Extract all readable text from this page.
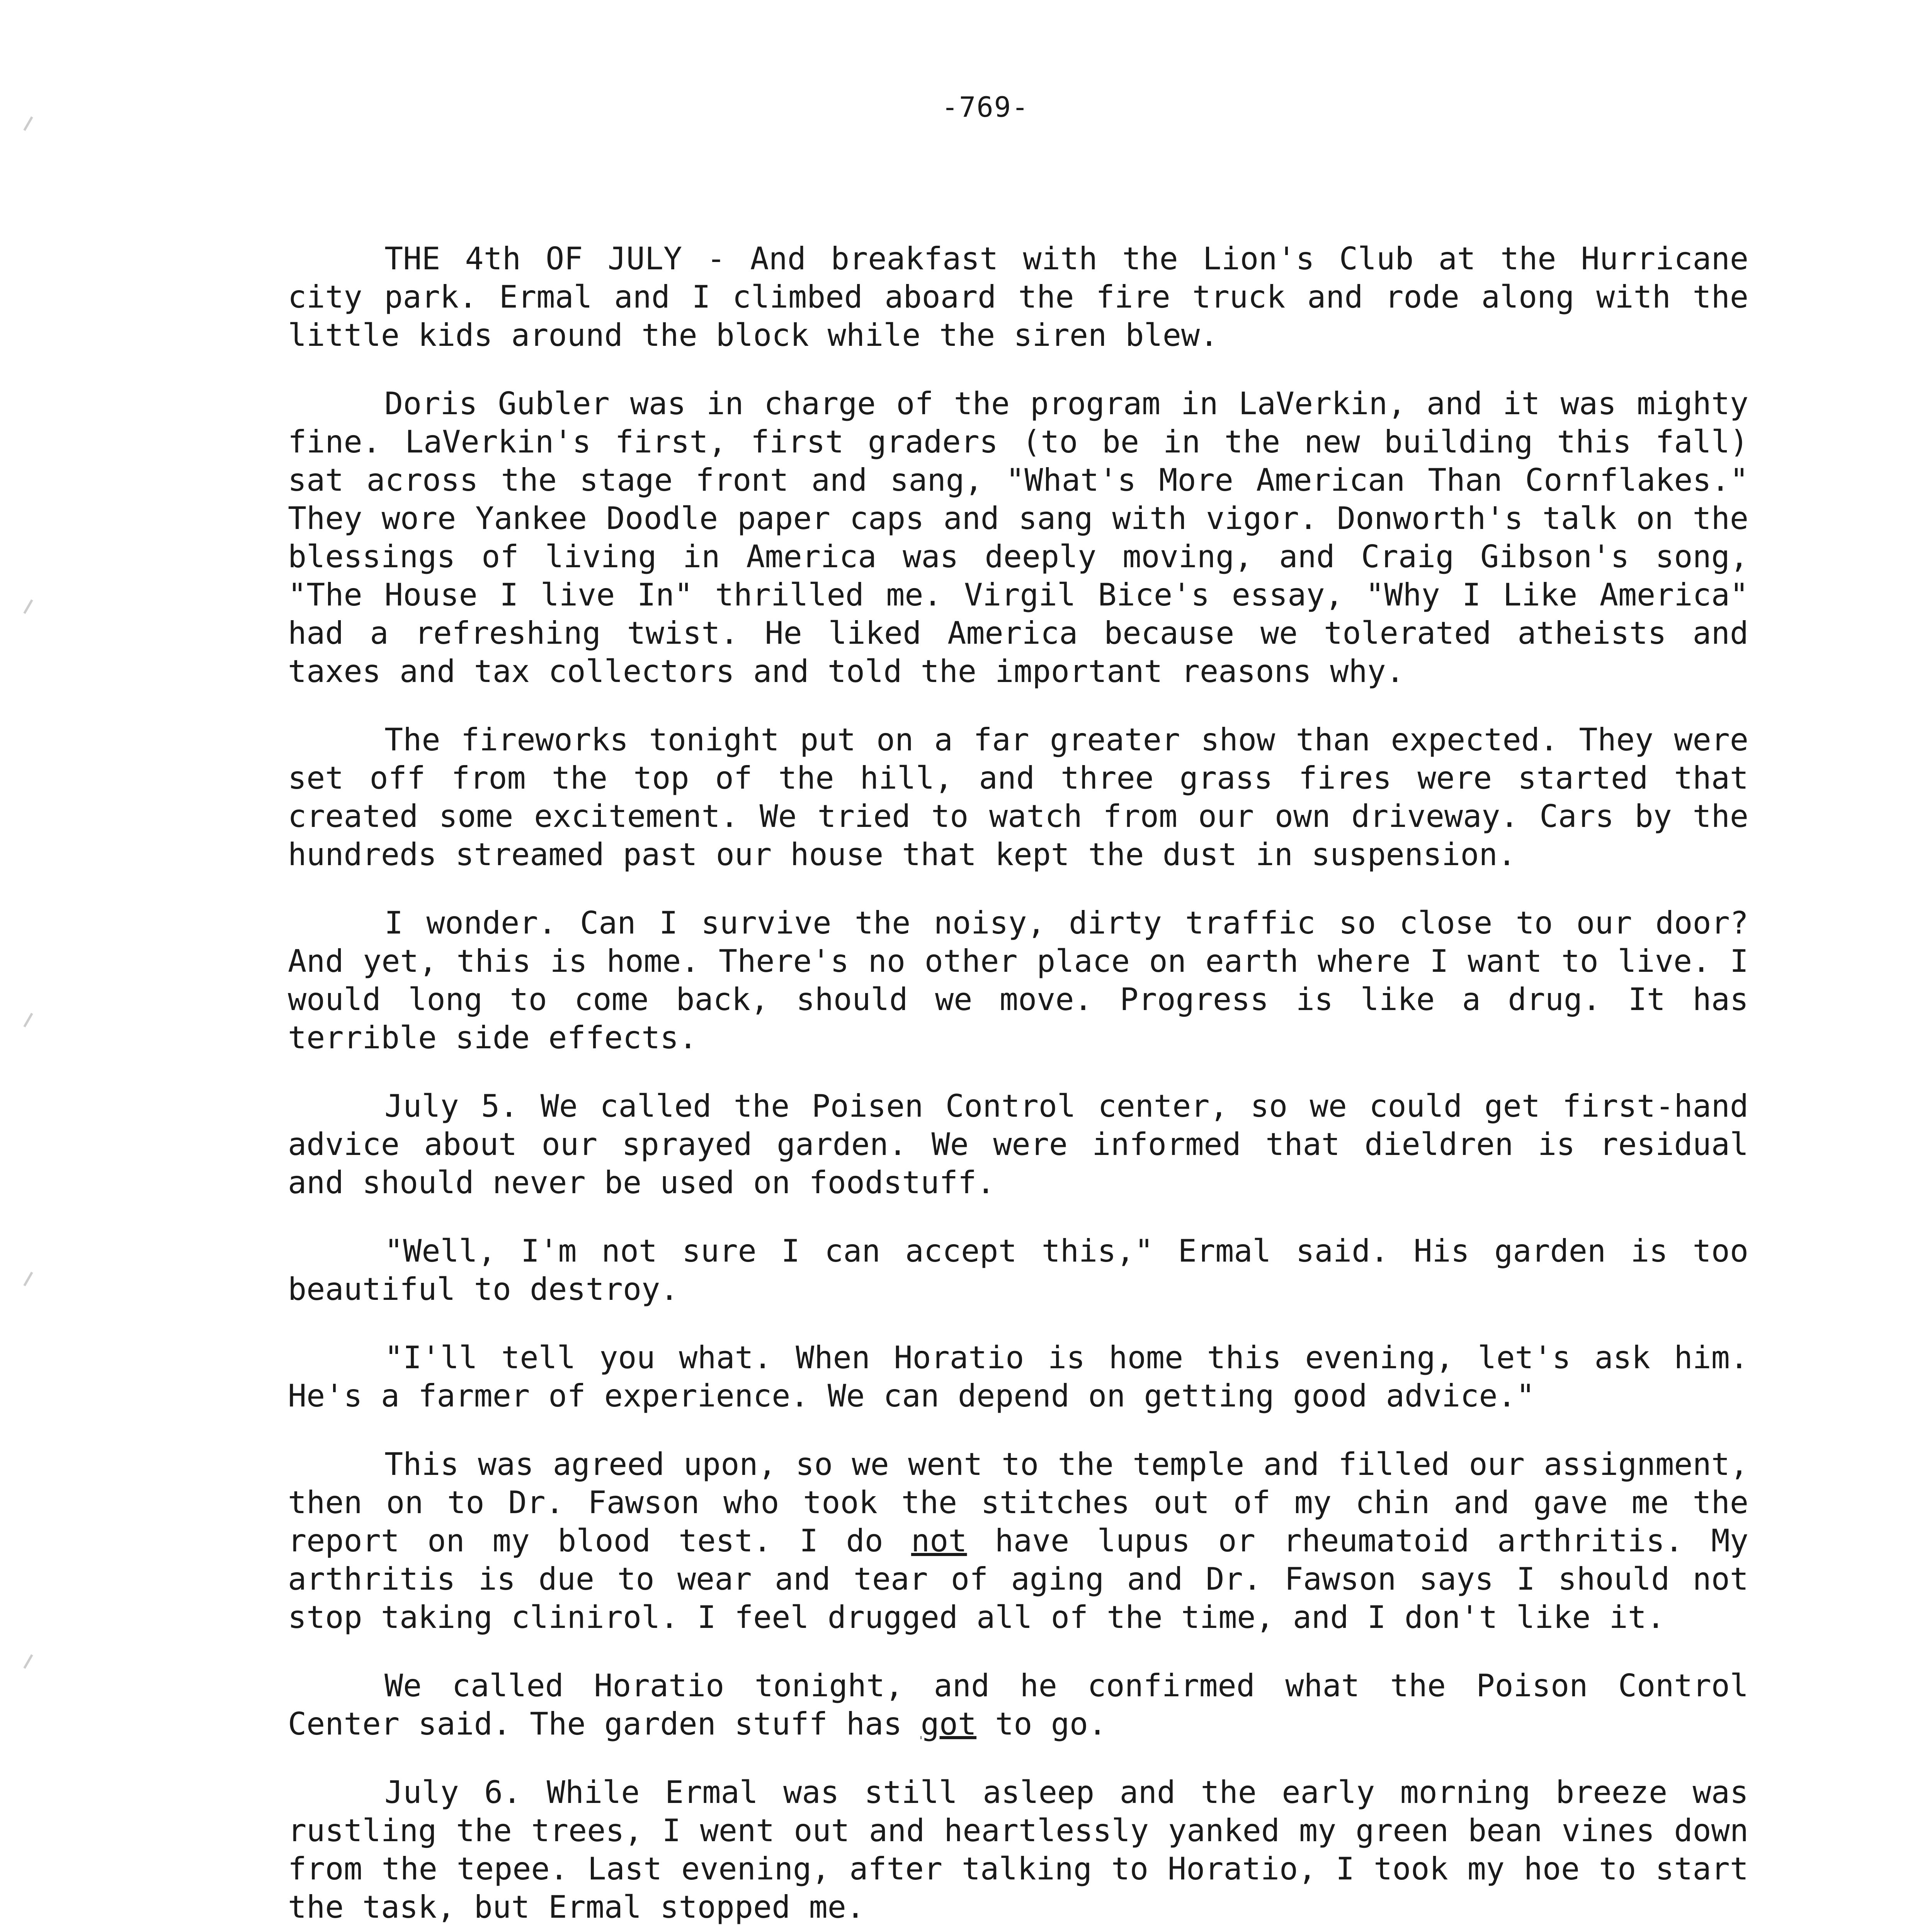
-769-

THE 4th OF JULY - And breakfast with the Lion's Club at the Hurricane city park. Ermal and I climbed aboard the fire truck and rode along with the little kids around the block while the siren blew.

Doris Gubler was in charge of the program in LaVerkin, and it was mighty fine. LaVerkin's first, first graders (to be in the new building this fall) sat across the stage front and sang, "What's More American Than Cornflakes." They wore Yankee Doodle paper caps and sang with vigor. Donworth's talk on the blessings of living in America was deeply moving, and Craig Gibson's song, "The House I live In" thrilled me. Virgil Bice's essay, "Why I Like America" had a refreshing twist. He liked America because we tolerated atheists and taxes and tax collectors and told the important reasons why.

The fireworks tonight put on a far greater show than expected. They were set off from the top of the hill, and three grass fires were started that created some excitement. We tried to watch from our own driveway. Cars by the hundreds streamed past our house that kept the dust in suspension.

I wonder. Can I survive the noisy, dirty traffic so close to our door? And yet, this is home. There's no other place on earth where I want to live. I would long to come back, should we move. Progress is like a drug. It has terrible side effects.

July 5. We called the Poisen Control center, so we could get first-hand advice about our sprayed garden. We were informed that dieldren is residual and should never be used on foodstuff.

"Well, I'm not sure I can accept this," Ermal said. His garden is too beautiful to destroy.

"I'll tell you what. When Horatio is home this evening, let's ask him. He's a farmer of experience. We can depend on getting good advice."

This was agreed upon, so we went to the temple and filled our assignment, then on to Dr. Fawson who took the stitches out of my chin and gave me the report on my blood test. I do not have lupus or rheumatoid arthritis. My arthritis is due to wear and tear of aging and Dr. Fawson says I should not stop taking clinirol. I feel drugged all of the time, and I don't like it.

We called Horatio tonight, and he confirmed what the Poison Control Center said. The garden stuff has got to go.

July 6. While Ermal was still asleep and the early morning breeze was rustling the trees, I went out and heartlessly yanked my green bean vines down from the tepee. Last evening, after talking to Horatio, I took my hoe to start the task, but Ermal stopped me.
